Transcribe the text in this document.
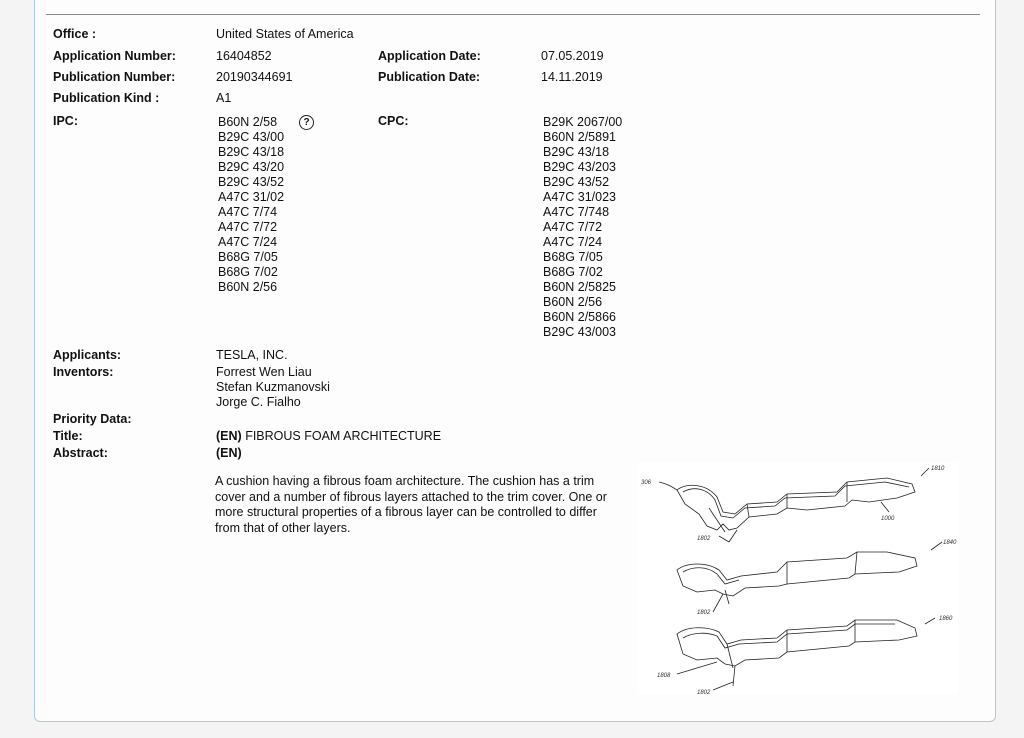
Office :	United States of America
Application Number:	16404852	Application Date:	07.05.2019
Publication Number:	20190344691	Publication Date:	14.11.2019
Publication Kind :	A1
IPC:	B60N 2/58
B29C 43/00
B29C 43/18
B29C 43/20
B29C 43/52
A47C 31/02
A47C 7/74
A47C 7/72
A47C 7/24
B68G 7/05
B68G 7/02
B60N 2/56
?	CPC:	B29K 2067/00
B60N 2/5891
B29C 43/18
B29C 43/203
B29C 43/52
A47C 31/023
A47C 7/748
A47C 7/72
A47C 7/24
B68G 7/05
B68G 7/02
B60N 2/5825
B60N 2/56
B60N 2/5866
B29C 43/003
Applicants:	TESLA, INC.
Inventors:	Forrest Wen Liau
Stefan Kuzmanovski
Jorge C. Fialho
Priority Data:
Title:	(EN) FIBROUS FOAM ARCHITECTURE
Abstract:	(EN)
A cushion having a fibrous foam architecture. The cushion has a trim cover and a number of fibrous layers attached to the trim cover. One or more structural properties of a fibrous layer can be controlled to differ from that of other layers.
306
1810
1000
1802
1840
1802
1860
1808
1802
